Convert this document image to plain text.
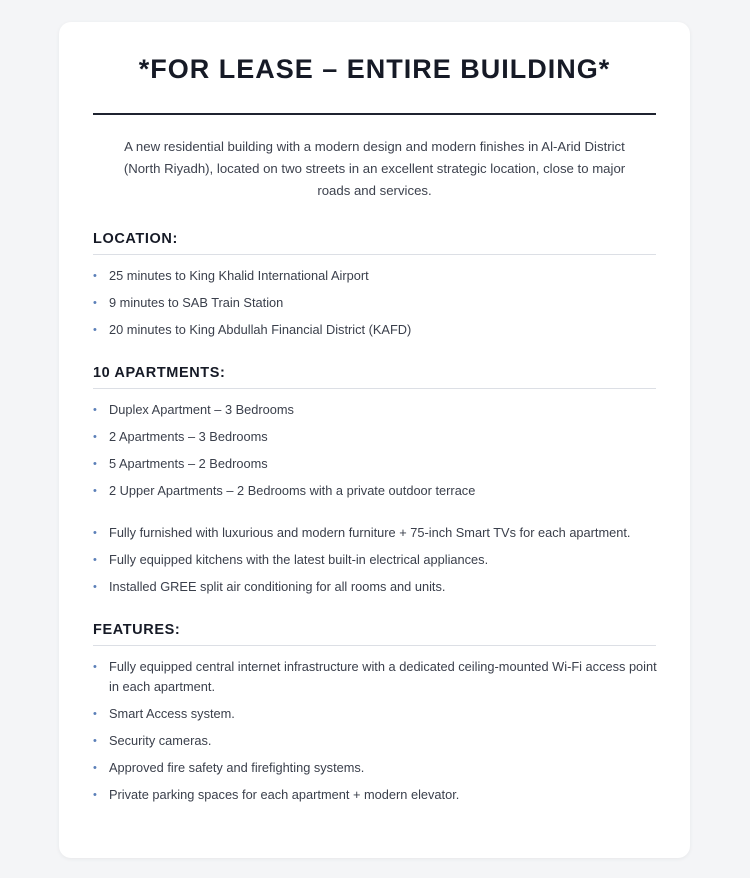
*FOR LEASE – ENTIRE BUILDING*

A new residential building with a modern design and modern finishes in Al-Arid District (North Riyadh), located on two streets in an excellent strategic location, close to major roads and services.

LOCATION:
• 25 minutes to King Khalid International Airport
• 9 minutes to SAB Train Station
• 20 minutes to King Abdullah Financial District (KAFD)
10 APARTMENTS:
• Duplex Apartment – 3 Bedrooms
• 2 Apartments – 3 Bedrooms
• 5 Apartments – 2 Bedrooms
• 2 Upper Apartments – 2 Bedrooms with a private outdoor terrace
• Fully furnished with luxurious and modern furniture + 75-inch Smart TVs for each apartment.
• Fully equipped kitchens with the latest built-in electrical appliances.
• Installed GREE split air conditioning for all rooms and units.
FEATURES:
• Fully equipped central internet infrastructure with a dedicated ceiling-mounted Wi-Fi access point in each apartment.
• Smart Access system.
• Security cameras.
• Approved fire safety and firefighting systems.
• Private parking spaces for each apartment + modern elevator.
